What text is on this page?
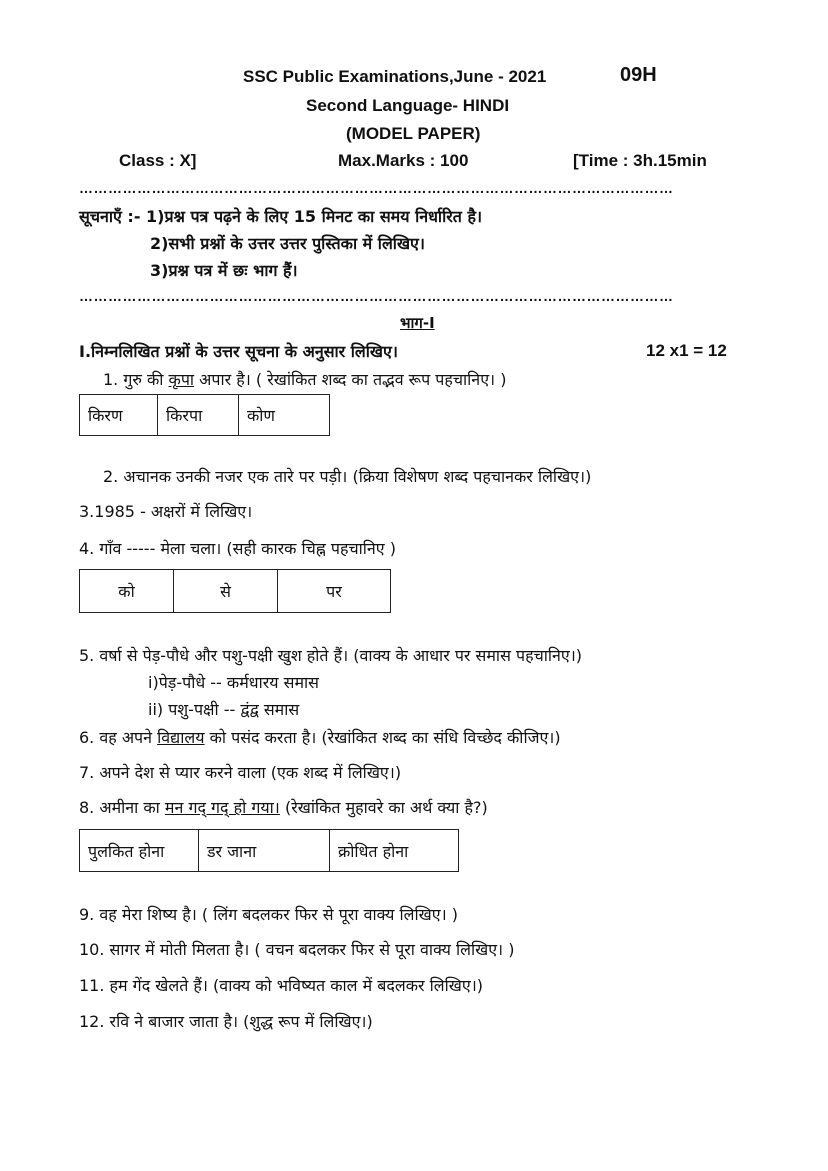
SSC Public Examinations,June - 2021	09H
Second Language- HINDI
(MODEL PAPER)
Class : X]	Max.Marks : 100	[Time : 3h.15min
……………………………………………………………………………………………………………
सूचनाएँ :- 1)प्रश्न पत्र पढ़ने के लिए 15 मिनट का समय निर्धारित है।
2)सभी प्रश्नों के उत्तर उत्तर पुस्तिका में लिखिए।
3)प्रश्न पत्र में छः भाग हैं।
……………………………………………………………………………………………………………
भाग-I
I.निम्नलिखित प्रश्नों के उत्तर सूचना के अनुसार लिखिए।	12 x1 = 12
1. गुरु की कृपा अपार है। ( रेखांकित शब्द का तद्भव रूप पहचानिए। )
किरण	किरपा	कोण
2. अचानक उनकी नजर एक तारे पर पड़ी। (क्रिया विशेषण शब्द पहचानकर लिखिए।)
3.1985 - अक्षरों में लिखिए।
4. गाँव ----- मेला चला। (सही कारक चिह्न पहचानिए )
को	से	पर
5. वर्षा से पेड़-पौधे और पशु-पक्षी खुश होते हैं। (वाक्य के आधार पर समास पहचानिए।)
i)पेड़-पौधे -- कर्मधारय समास
ii) पशु-पक्षी -- द्वंद्व समास
6. वह अपने विद्यालय को पसंद करता है। (रेखांकित शब्द का संधि विच्छेद कीजिए।)
7. अपने देश से प्यार करने वाला (एक शब्द में लिखिए।)
8. अमीना का मन गद् गद् हो गया। (रेखांकित मुहावरे का अर्थ क्या है?)
पुलकित होना	डर जाना	क्रोधित होना
9. वह मेरा शिष्य है। ( लिंग बदलकर फिर से पूरा वाक्य लिखिए। )
10. सागर में मोती मिलता है। ( वचन बदलकर फिर से पूरा वाक्य लिखिए। )
11. हम गेंद खेलते हैं। (वाक्य को भविष्यत काल में बदलकर लिखिए।)
12. रवि ने बाजार जाता है। (शुद्ध रूप में लिखिए।)
